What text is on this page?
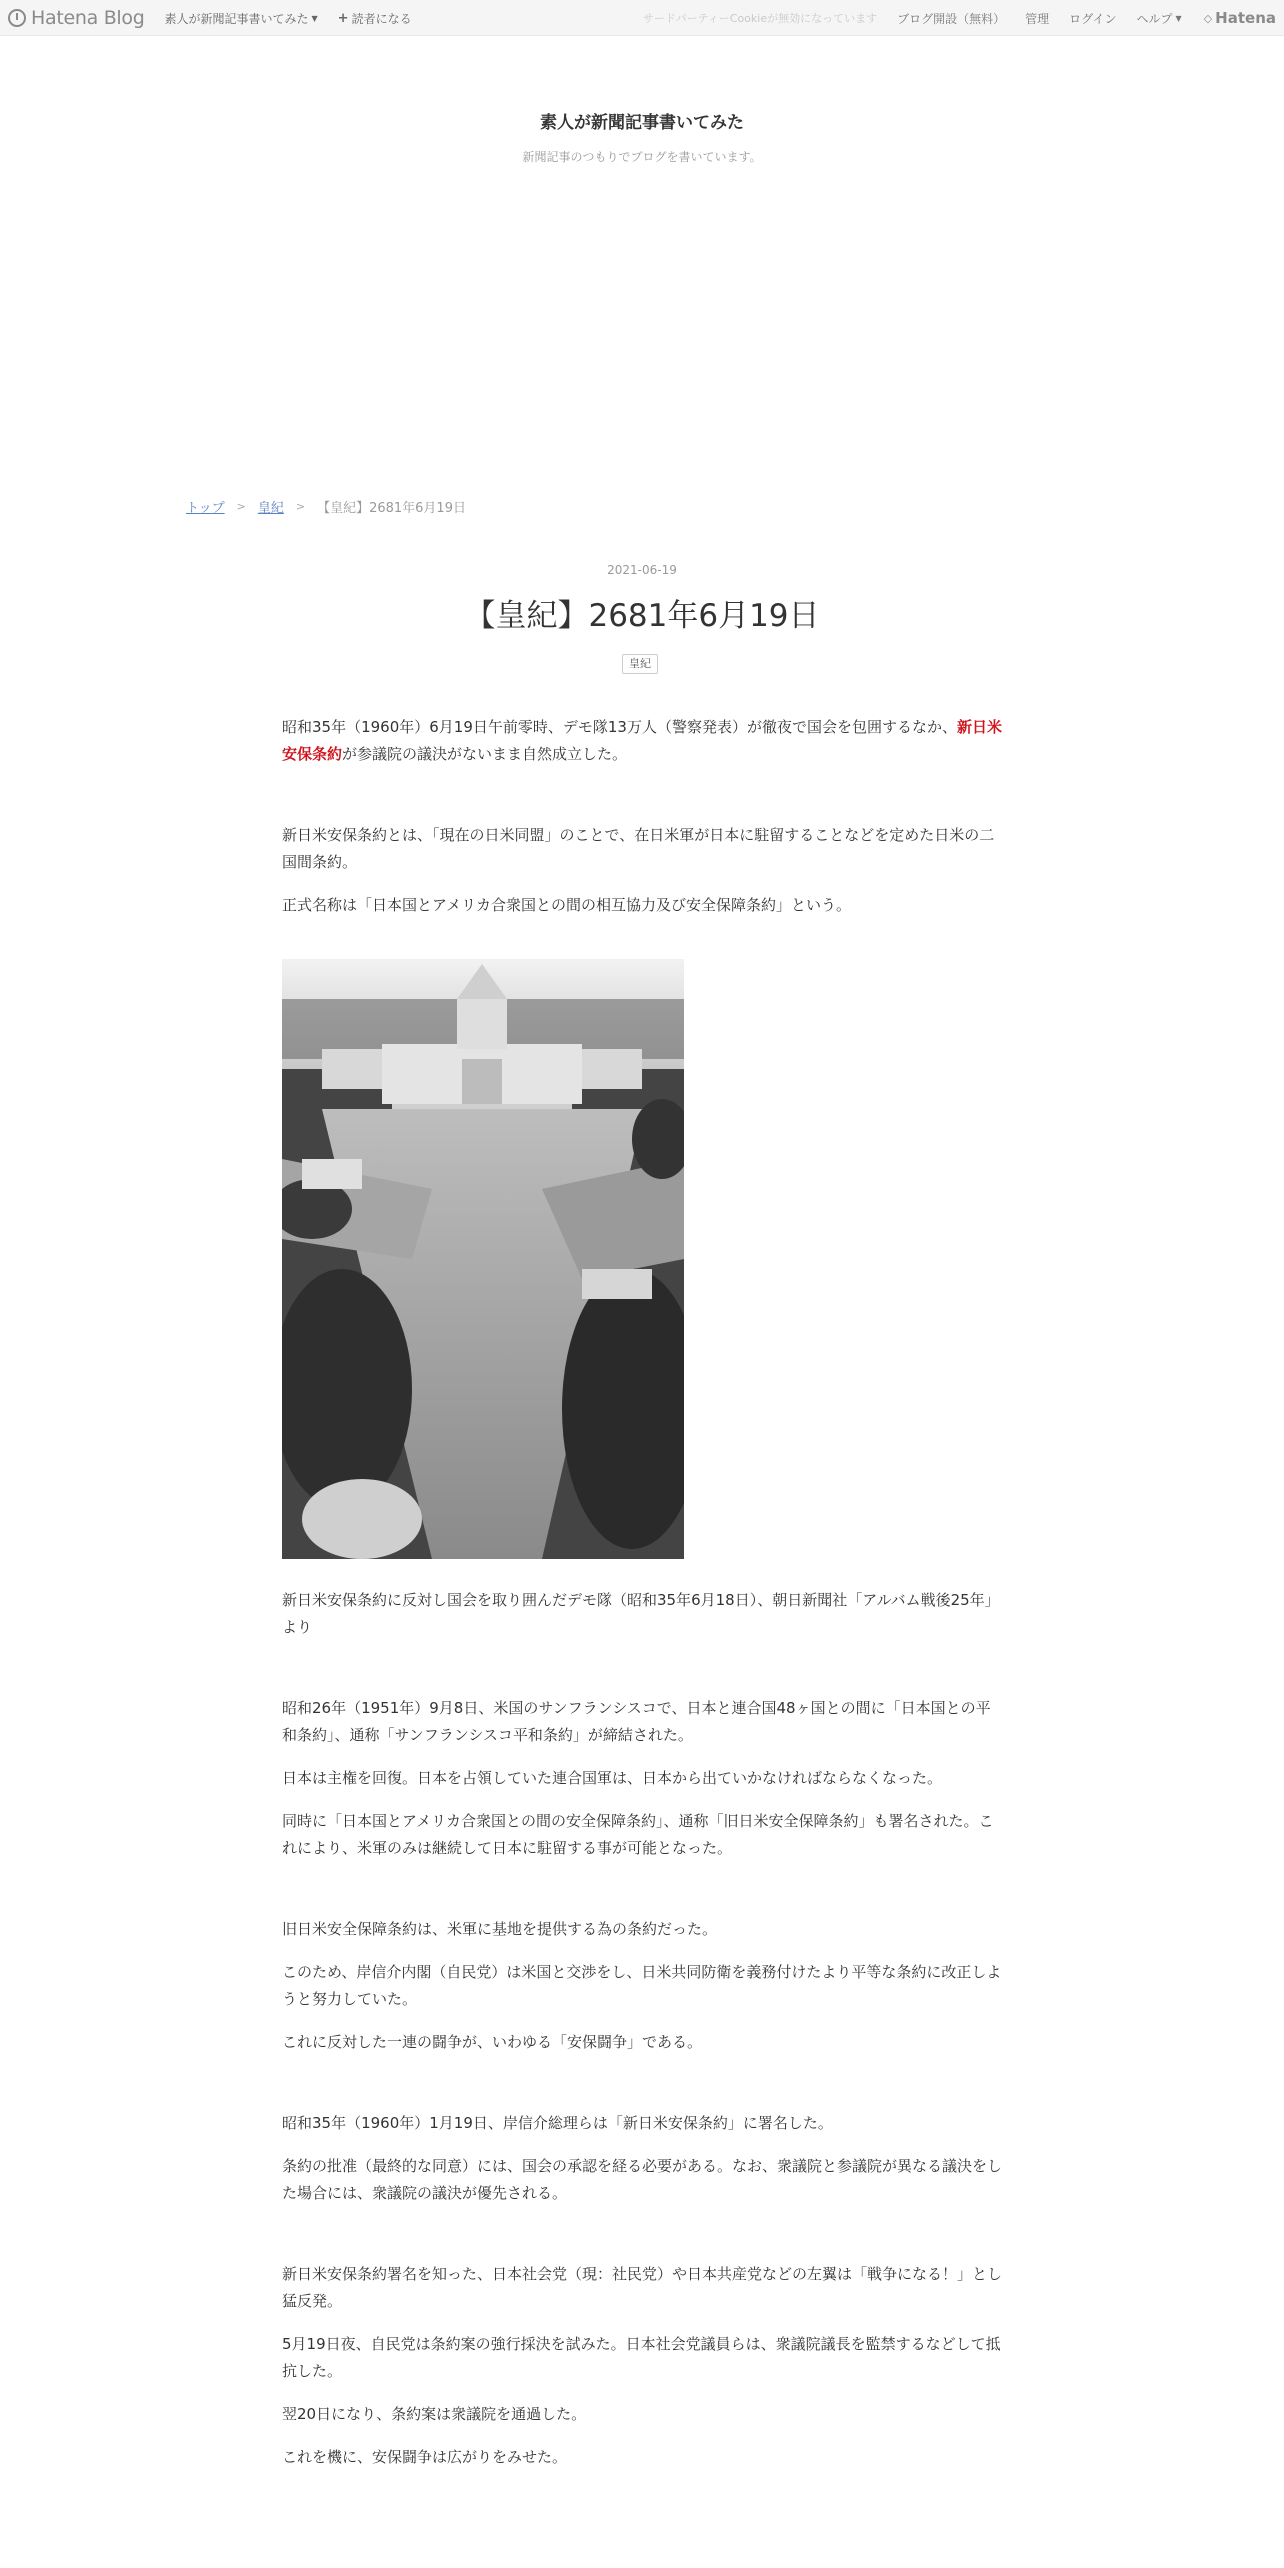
Hatena Blog 素人が新聞記事書いてみた ▼ + 読者になる	サードパーティーCookieが無効になっています ブログ開設（無料） 管理 ログイン ヘルプ ▼ ◇ Hatena
素人が新聞記事書いてみた
新聞記事のつもりでブログを書いています。
トップ > 皇紀 > 【皇紀】2681年6月19日
2021-06-19
【皇紀】2681年6月19日
皇紀

昭和35年（1960年）6月19日午前零時、デモ隊13万人（警察発表）が徹夜で国会を包囲するなか、新日米安保条約が参議院の議決がないまま自然成立した。

新日米安保条約とは、「現在の日米同盟」のことで、在日米軍が日本に駐留することなどを定めた日米の二国間条約。

正式名称は「日本国とアメリカ合衆国との間の相互協力及び安全保障条約」という。

新日米安保条約に反対し国会を取り囲んだデモ隊（昭和35年6月18日）、朝日新聞社「アルバム戦後25年」より

昭和26年（1951年）9月8日、米国のサンフランシスコで、日本と連合国48ヶ国との間に「日本国との平和条約」、通称「サンフランシスコ平和条約」が締結された。

日本は主権を回復。日本を占領していた連合国軍は、日本から出ていかなければならなくなった。

同時に「日本国とアメリカ合衆国との間の安全保障条約」、通称「旧日米安全保障条約」も署名された。これにより、米軍のみは継続して日本に駐留する事が可能となった。

旧日米安全保障条約は、米軍に基地を提供する為の条約だった。

このため、岸信介内閣（自民党）は米国と交渉をし、日米共同防衛を義務付けたより平等な条約に改正しようと努力していた。

これに反対した一連の闘争が、いわゆる「安保闘争」である。

昭和35年（1960年）1月19日、岸信介総理らは「新日米安保条約」に署名した。

条約の批准（最終的な同意）には、国会の承認を経る必要がある。なお、衆議院と参議院が異なる議決をした場合には、衆議院の議決が優先される。

新日米安保条約署名を知った、日本社会党（現：社民党）や日本共産党などの左翼は「戦争になる！」とし猛反発。

5月19日夜、自民党は条約案の強行採決を試みた。日本社会党議員らは、衆議院議長を監禁するなどして抵抗した。

翌20日になり、条約案は衆議院を通過した。

これを機に、安保闘争は広がりをみせた。
